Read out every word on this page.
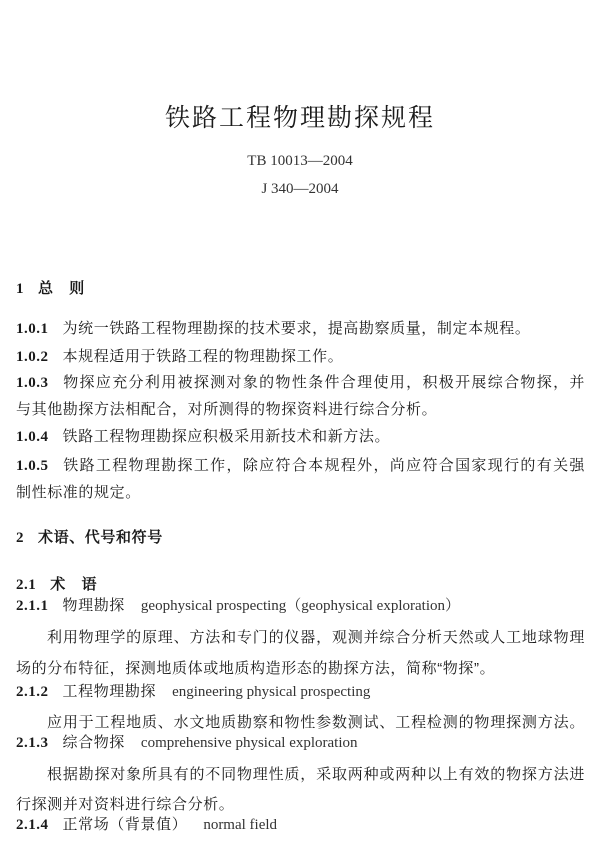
铁路工程物理勘探规程
TB 10013—2004
J 340—2004
1 总　则
1.0.1 为统一铁路工程物理勘探的技术要求，提高勘察质量，制定本规程。
1.0.2 本规程适用于铁路工程的物理勘探工作。
1.0.3 物探应充分利用被探测对象的物性条件合理使用，积极开展综合物探，并
与其他勘探方法相配合，对所测得的物探资料进行综合分析。
1.0.4 铁路工程物理勘探应积极采用新技术和新方法。
1.0.5 铁路工程物理勘探工作，除应符合本规程外，尚应符合国家现行的有关强
制性标准的规定。
2 术语、代号和符号
2.1 术　语
2.1.1 物理勘探 geophysical prospecting（geophysical exploration）
利用物理学的原理、方法和专门的仪器，观测并综合分析天然或人工地球物理
场的分布特征，探测地质体或地质构造形态的勘探方法，简称“物探”。
2.1.2 工程物理勘探 engineering physical prospecting
应用于工程地质、水文地质勘察和物性参数测试、工程检测的物理探测方法。
2.1.3 综合物探 comprehensive physical exploration
根据勘探对象所具有的不同物理性质，采取两种或两种以上有效的物探方法进
行探测并对资料进行综合分析。
2.1.4 正常场（背景值） normal field
